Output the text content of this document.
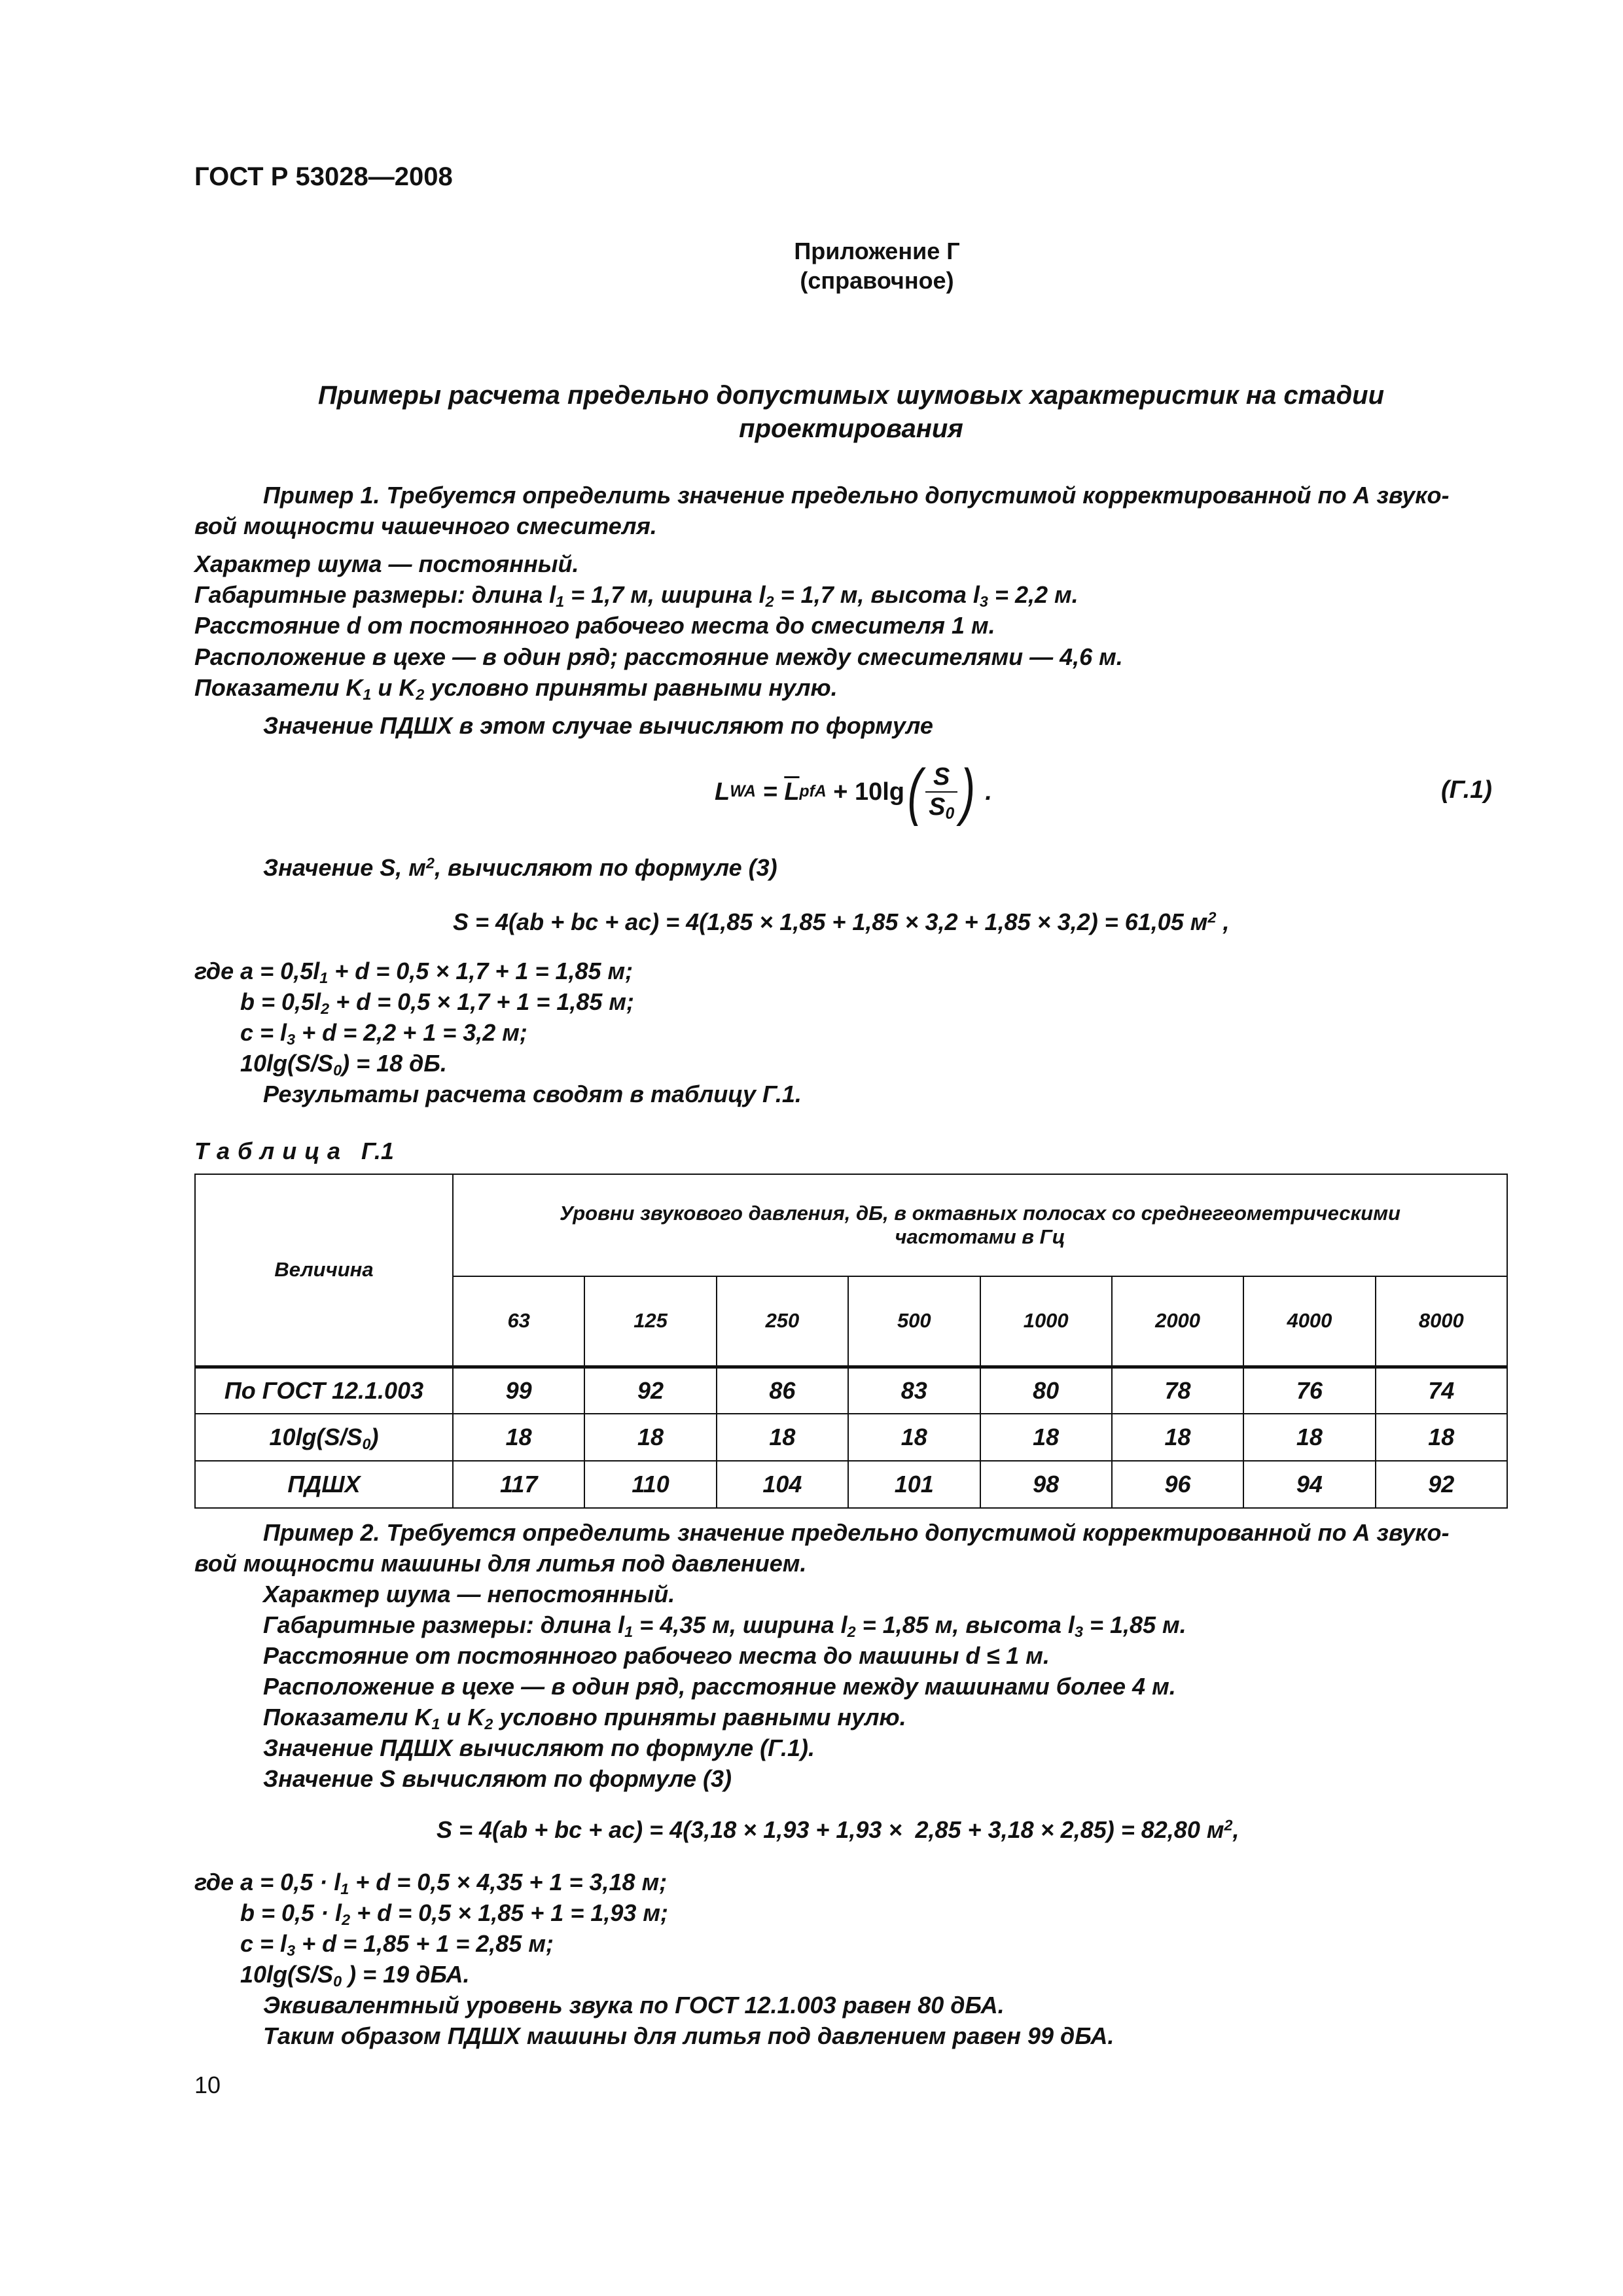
ГОСТ Р 53028—2008
Приложение Г
(справочное)
Примеры расчета предельно допустимых шумовых характеристик на стадии
проектирования
Пример 1. Требуется определить значение предельно допустимой корректированной по А звуко-
вой мощности чашечного смесителя.
Характер шума — постоянный.
Габаритные размеры: длина $l_1 = 1,7$ м, ширина $l_2 = 1,7$ м, высота $l_3 = 2,2$ м.
Расстояние d от постоянного рабочего места до смесителя 1 м.
Расположение в цехе — в один ряд; расстояние между смесителями — 4,6 м.
Показатели $K_1$ и $K_2$ условно приняты равными нулю.
Значение ПДШХ в этом случае вычисляют по формуле
L WA = $\overline{L}$ pfA + 10lg ( $\frac{S}{S_0}$ ) .	(Г.1)
Значение S, $м^2$, вычисляют по формуле (3)
S = 4(ab + bc + ac) = 4(1,85 × 1,85 + 1,85 × 3,2 + 1,85 × 3,2) = 61,05 $м^2$ ,
где $a = 0,5l_1 + d = 0,5 \times 1,7 + 1 = 1,85$ м;
$b = 0,5l_2 + d = 0,5 \times 1,7 + 1 = 1,85$ м;
$c = l_3 + d = 2,2 + 1 = 3,2$ м;
$10\lg(S/S_0) = 18$ дБ.
Результаты расчета сводят в таблицу Г.1.
Таблица Г.1
Величина	Уровни звукового давления, дБ, в октавных полосах со среднегеометрическими
частотами в Гц							

	63	125	250	500	1000	2000	4000	8000
По ГОСТ 12.1.003	99	92	86	83	80	78	76	74
$10\lg(S/S_0)$	18	18	18	18	18	18	18	18
ПДШХ	117	110	104	101	98	96	94	92
Пример 2. Требуется определить значение предельно допустимой корректированной по А звуко-
вой мощности машины для литья под давлением.
Характер шума — непостоянный.
Габаритные размеры: длина $l_1 = 4,35$ м, ширина $l_2 = 1,85$ м, высота $l_3 = 1,85$ м.
Расстояние от постоянного рабочего места до машины d ≤ 1 м.
Расположение в цехе — в один ряд, расстояние между машинами более 4 м.
Показатели $K_1$ и $K_2$ условно приняты равными нулю.
Значение ПДШХ вычисляют по формуле (Г.1).
Значение S вычисляют по формуле (3)
S = 4(ab + bc + ac) = 4(3,18 × 1,93 + 1,93 ×  2,85 + 3,18 × 2,85) = 82,80 $м^2$,
где $a = 0,5 \cdot l_1 + d = 0,5 \times 4,35 + 1 = 3,18$ м;
$b = 0,5 \cdot l_2 + d = 0,5 \times 1,85 + 1 = 1,93$ м;
$c = l_3 + d = 1,85 + 1 = 2,85$ м;
$10\lg(S/S_0$ ) = 19 дБА.
Эквивалентный уровень звука по ГОСТ 12.1.003 равен 80 дБА.
Таким образом ПДШХ машины для литья под давлением равен 99 дБА.
10
